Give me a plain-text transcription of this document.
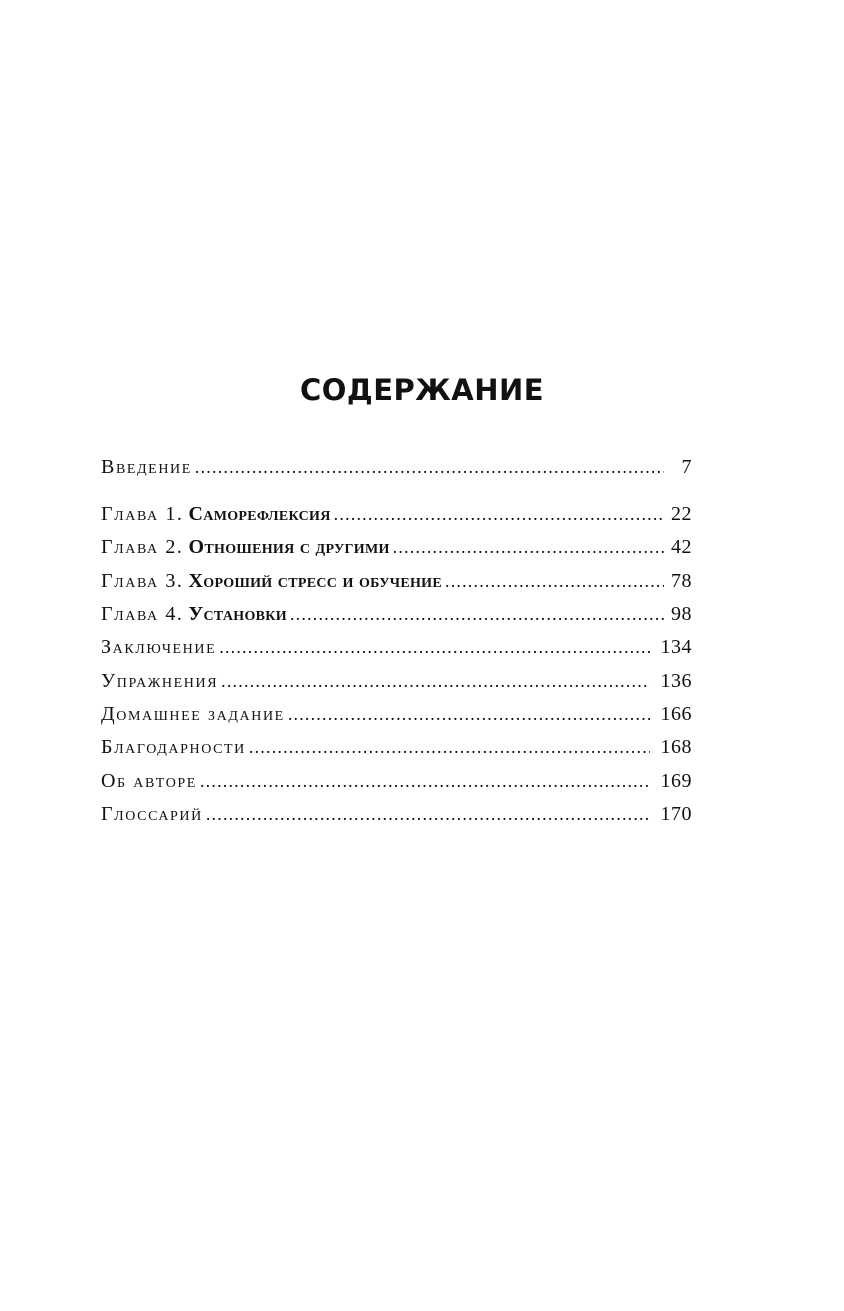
СОДЕРЖАНИЕ
Введение .....	7
Глава 1.
Саморефлексия .....	22
Глава 2.
Отношения с другими .....	42
Глава 3.
Хороший стресс и обучение .....	78
Глава 4.
Установки .....	98
Заключение .....	134
Упражнения .....	136
Домашнее задание .....	166
Благодарности .....	168
Об авторе .....	169
Глоссарий .....	170
